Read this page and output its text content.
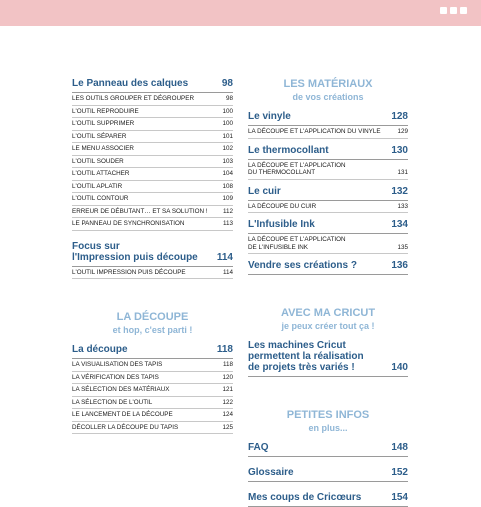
Le Panneau des calques	98
LES OUTILS GROUPER ET DÉGROUPER	98
L'OUTIL REPRODUIRE	100
L'OUTIL SUPPRIMER	100
L'OUTIL SÉPARER	101
LE MENU ASSOCIER	102
L'OUTIL SOUDER	103
L'OUTIL ATTACHER	104
L'OUTIL APLATIR	108
L'OUTIL CONTOUR	109
ERREUR DE DÉBUTANT… ET SA SOLUTION ! 112
LE PANNEAU DE SYNCHRONISATION	113
Focus sur
l'Impression puis découpe 114
L'OUTIL IMPRESSION PUIS DÉCOUPE	114
LA DÉCOUPE
et hop, c'est parti !
La découpe	118
LA VISUALISATION DES TAPIS	118
LA VÉRIFICATION DES TAPIS	120
LA SÉLECTION DES MATÉRIAUX	121
LA SÉLECTION DE L'OUTIL	122
LE LANCEMENT DE LA DÉCOUPE	124
DÉCOLLER LA DÉCOUPE DU TAPIS	125
LES MATÉRIAUX
de vos créations
Le vinyle	128
LA DÉCOUPE ET L'APPLICATION DU VINYLE	129
Le thermocollant	130
LA DÉCOUPE ET L'APPLICATION
DU THERMOCOLLANT	131
Le cuir	132
LA DÉCOUPE DU CUIR	133
L'Infusible Ink	134
LA DÉCOUPE ET L'APPLICATION
DE L'INFUSIBLE INK	135
Vendre ses créations ?	136
AVEC MA CRICUT
je peux créer tout ça !
Les machines Cricut
permettent la réalisation
de projets très variés !	140
PETITES INFOS
en plus...
FAQ	148
Glossaire	152
Mes coups de Cricœurs	154
